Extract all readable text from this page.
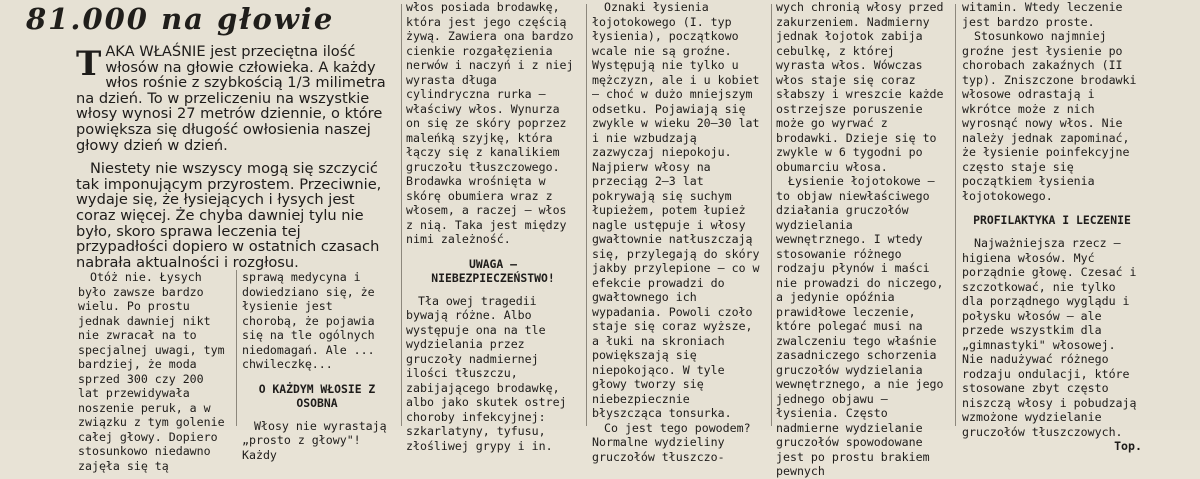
81.000 na głowie
TAKA WŁAŚNIE jest przeciętna ilość włosów na głowie człowieka. A każdy włos rośnie z szybkością 1/3 milimetra na dzień. To w przeliczeniu na wszystkie włosy wynosi 27 metrów dziennie, o które powiększa się długość owłosienia naszej głowy dzień w dzień.

Niestety nie wszyscy mogą się szczycić tak imponującym przyrostem. Przeciwnie, wydaje się, że łysiejących i łysych jest coraz więcej. Że chyba dawniej tylu nie było, skoro sprawa leczenia tej przypadłości dopiero w ostatnich czasach nabrała aktualności i rozgłosu.

Otóż nie. Łysych było zawsze bardzo wielu. Po prostu jednak dawniej nikt nie zwracał na to specjalnej uwagi, tym bardziej, że moda sprzed 300 czy 200 lat przewidywała noszenie peruk, a w związku z tym golenie całej głowy. Dopiero stosunkowo niedawno zajęła się tą

sprawą medycyna i dowiedziano się, że łysienie jest chorobą, że pojawia się na tle ogólnych niedomagań. Ale ... chwileczkę...

O KAŻDYM WŁOSIE Z OSOBNA

Włosy nie wyrastają „prosto z głowy"! Każdy

włos posiada brodawkę, która jest jego częścią żywą. Zawiera ona bardzo cienkie rozgałęzienia nerwów i naczyń i z niej wyrasta długa cylindryczna rurka — właściwy włos. Wynurza on się ze skóry poprzez maleńką szyjkę, która łączy się z kanalikiem gruczołu tłuszczowego. Brodawka wrośnięta w skórę obumiera wraz z włosem, a raczej — włos z nią. Taka jest między nimi zależność.

UWAGA — NIEBEZPIECZEŃSTWO!

Tła owej tragedii bywają różne. Albo występuje ona na tle wydzielania przez gruczoły nadmiernej ilości tłuszczu, zabijającego brodawkę, albo jako skutek ostrej choroby infekcyjnej: szkarlatyny, tyfusu, złośliwej grypy i in.

Oznaki łysienia łojotokowego (I. typ łysienia), początkowo wcale nie są groźne. Występują nie tylko u mężczyzn, ale i u kobiet — choć w dużo mniejszym odsetku. Pojawiają się zwykle w wieku 20—30 lat i nie wzbudzają zazwyczaj niepokoju. Najpierw włosy na przeciąg 2—3 lat pokrywają się suchym łupieżem, potem łupież nagle ustępuje i włosy gwałtownie natłuszczają się, przylegają do skóry jakby przylepione — co w efekcie prowadzi do gwałtownego ich wypadania. Powoli czoło staje się coraz wyższe, a łuki na skroniach powiększają się niepokojąco. W tyle głowy tworzy się niebezpiecznie błyszcząca tonsurka.

Co jest tego powodem? Normalne wydzieliny gruczołów tłuszczo-

wych chronią włosy przed zakurzeniem. Nadmierny jednak łojotok zabija cebulkę, z której wyrasta włos. Wówczas włos staje się coraz słabszy i wreszcie każde ostrzejsze poruszenie może go wyrwać z brodawki. Dzieje się to zwykle w 6 tygodni po obumarciu włosa.

Łysienie łojotokowe — to objaw niewłaściwego działania gruczołów wydzielania wewnętrznego. I wtedy stosowanie różnego rodzaju płynów i maści nie prowadzi do niczego, a jedynie opóźnia prawidłowe leczenie, które polegać musi na zwalczeniu tego właśnie zasadniczego schorzenia gruczołów wydzielania wewnętrznego, a nie jego jednego objawu — łysienia. Często nadmierne wydzielanie gruczołów spowodowane jest po prostu brakiem pewnych

witamin. Wtedy leczenie jest bardzo proste.

Stosunkowo najmniej groźne jest łysienie po chorobach zakaźnych (II typ). Zniszczone brodawki włosowe odrastają i wkrótce może z nich wyrosnąć nowy włos. Nie należy jednak zapominać, że łysienie poinfekcyjne często staje się początkiem łysienia łojotokowego.

PROFILAKTYKA I LECZENIE

Najważniejsza rzecz — higiena włosów. Myć porządnie głowę. Czesać i szczotkować, nie tylko dla porządnego wyglądu i połysku włosów — ale przede wszystkim dla „gimnastyki" włosowej. Nie nadużywać różnego rodzaju ondulacji, które stosowane zbyt często niszczą włosy i pobudzają wzmożone wydzielanie gruczołów tłuszczowych.

Top.
